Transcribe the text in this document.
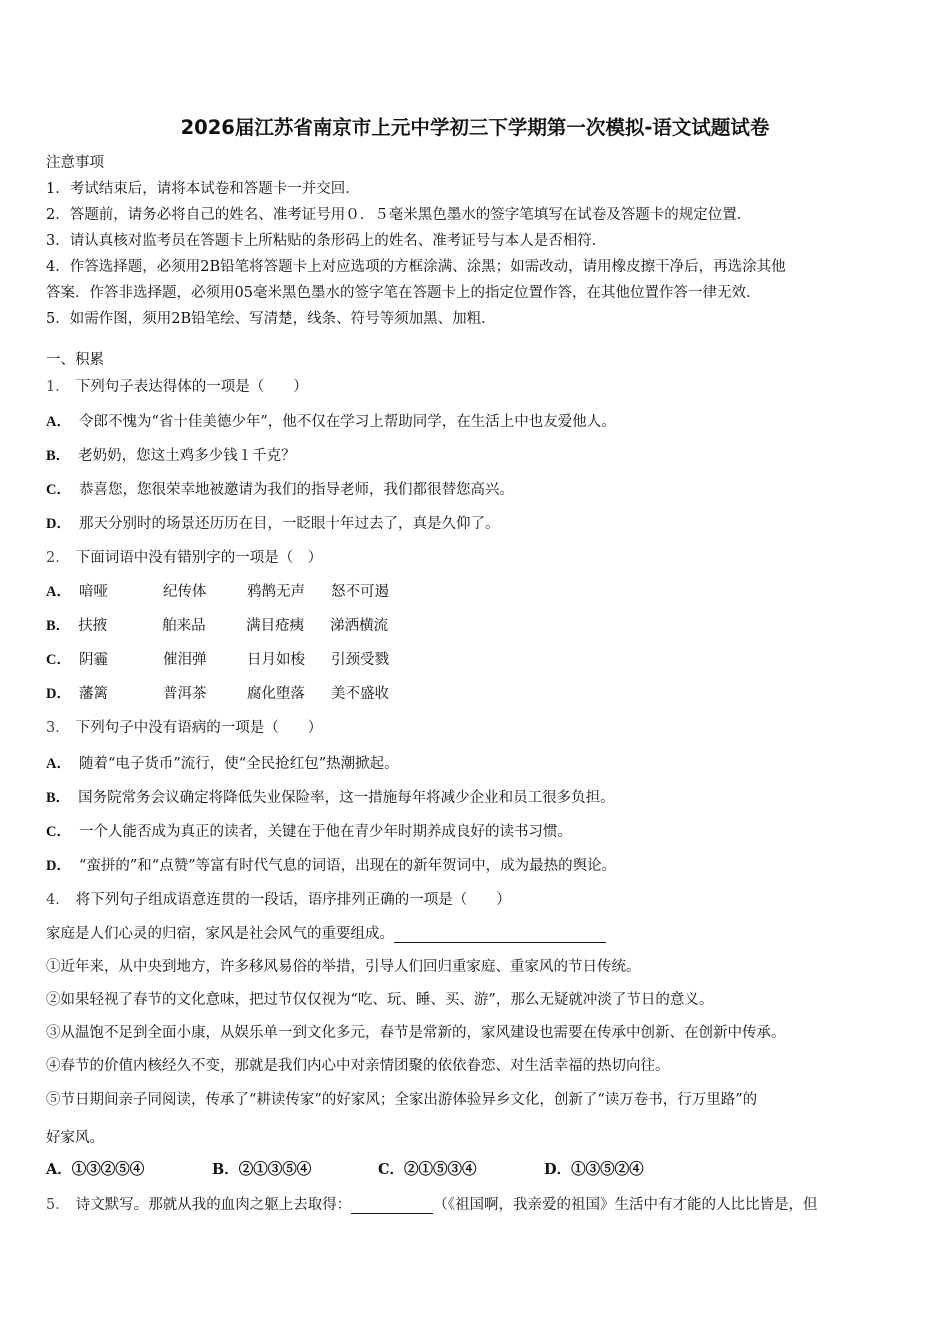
2026届江苏省南京市上元中学初三下学期第一次模拟-语文试题试卷
注意事项
1．考试结束后，请将本试卷和答题卡一并交回．
2．答题前，请务必将自己的姓名、准考证号用０．５毫米黑色墨水的签字笔填写在试卷及答题卡的规定位置．
3．请认真核对监考员在答题卡上所粘贴的条形码上的姓名、准考证号与本人是否相符．
4．作答选择题，必须用2B铅笔将答题卡上对应选项的方框涂满、涂黑；如需改动，请用橡皮擦干净后，再选涂其他
答案．作答非选择题，必须用05毫米黑色墨水的签字笔在答题卡上的指定位置作答，在其他位置作答一律无效．
5．如需作图，须用2B铅笔绘、写清楚，线条、符号等须加黑、加粗．
一、积累
1． 下列句子表达得体的一项是（　　）
A． 令郎不愧为“省十佳美德少年”，他不仅在学习上帮助同学，在生活上中也友爱他人。
B． 老奶奶，您这土鸡多少钱１千克？
C． 恭喜您，您很荣幸地被邀请为我们的指导老师，我们都很替您高兴。
D． 那天分别时的场景还历历在目，一眨眼十年过去了，真是久仰了。
2． 下面词语中没有错别字的一项是（　）
A． 喑哑	纪传体	鸦鹊无声 怒不可遏
B． 扶掖	舶来品	满目疮痍 涕洒横流
C． 阴霾	催泪弹	日月如梭 引颈受戮
D． 藩篱	普洱茶	腐化堕落 美不盛收
3． 下列句子中没有语病的一项是（　　）
A． 随着“电子货币”流行，使“全民抢红包”热潮掀起。
B． 国务院常务会议确定将降低失业保险率，这一措施每年将减少企业和员工很多负担。
C． 一个人能否成为真正的读者，关键在于他在青少年时期养成良好的读书习惯。
D． “蛮拼的”和“点赞”等富有时代气息的词语，出现在的新年贺词中，成为最热的舆论。
4． 将下列句子组成语意连贯的一段话，语序排列正确的一项是（　　）
家庭是人们心灵的归宿，家风是社会风气的重要组成。
①近年来，从中央到地方，许多移风易俗的举措，引导人们回归重家庭、重家风的节日传统。
②如果轻视了春节的文化意味，把过节仅仅视为“吃、玩、睡、买、游”，那么无疑就冲淡了节日的意义。
③从温饱不足到全面小康，从娱乐单一到文化多元，春节是常新的，家风建设也需要在传承中创新、在创新中传承。
④春节的价值内核经久不变，那就是我们内心中对亲情团聚的依依眷恋、对生活幸福的热切向往。
⑤节日期间亲子同阅读，传承了“耕读传家”的好家风；全家出游体验异乡文化，创新了“读万卷书，行万里路”的
好家风。
A．①③②⑤④	B．②①③⑤④	C．②①⑤③④	D．①③⑤②④
5． 诗文默写。那就从我的血肉之躯上去取得：	（《祖国啊，我亲爱的祖国》生活中有才能的人比比皆是，但
